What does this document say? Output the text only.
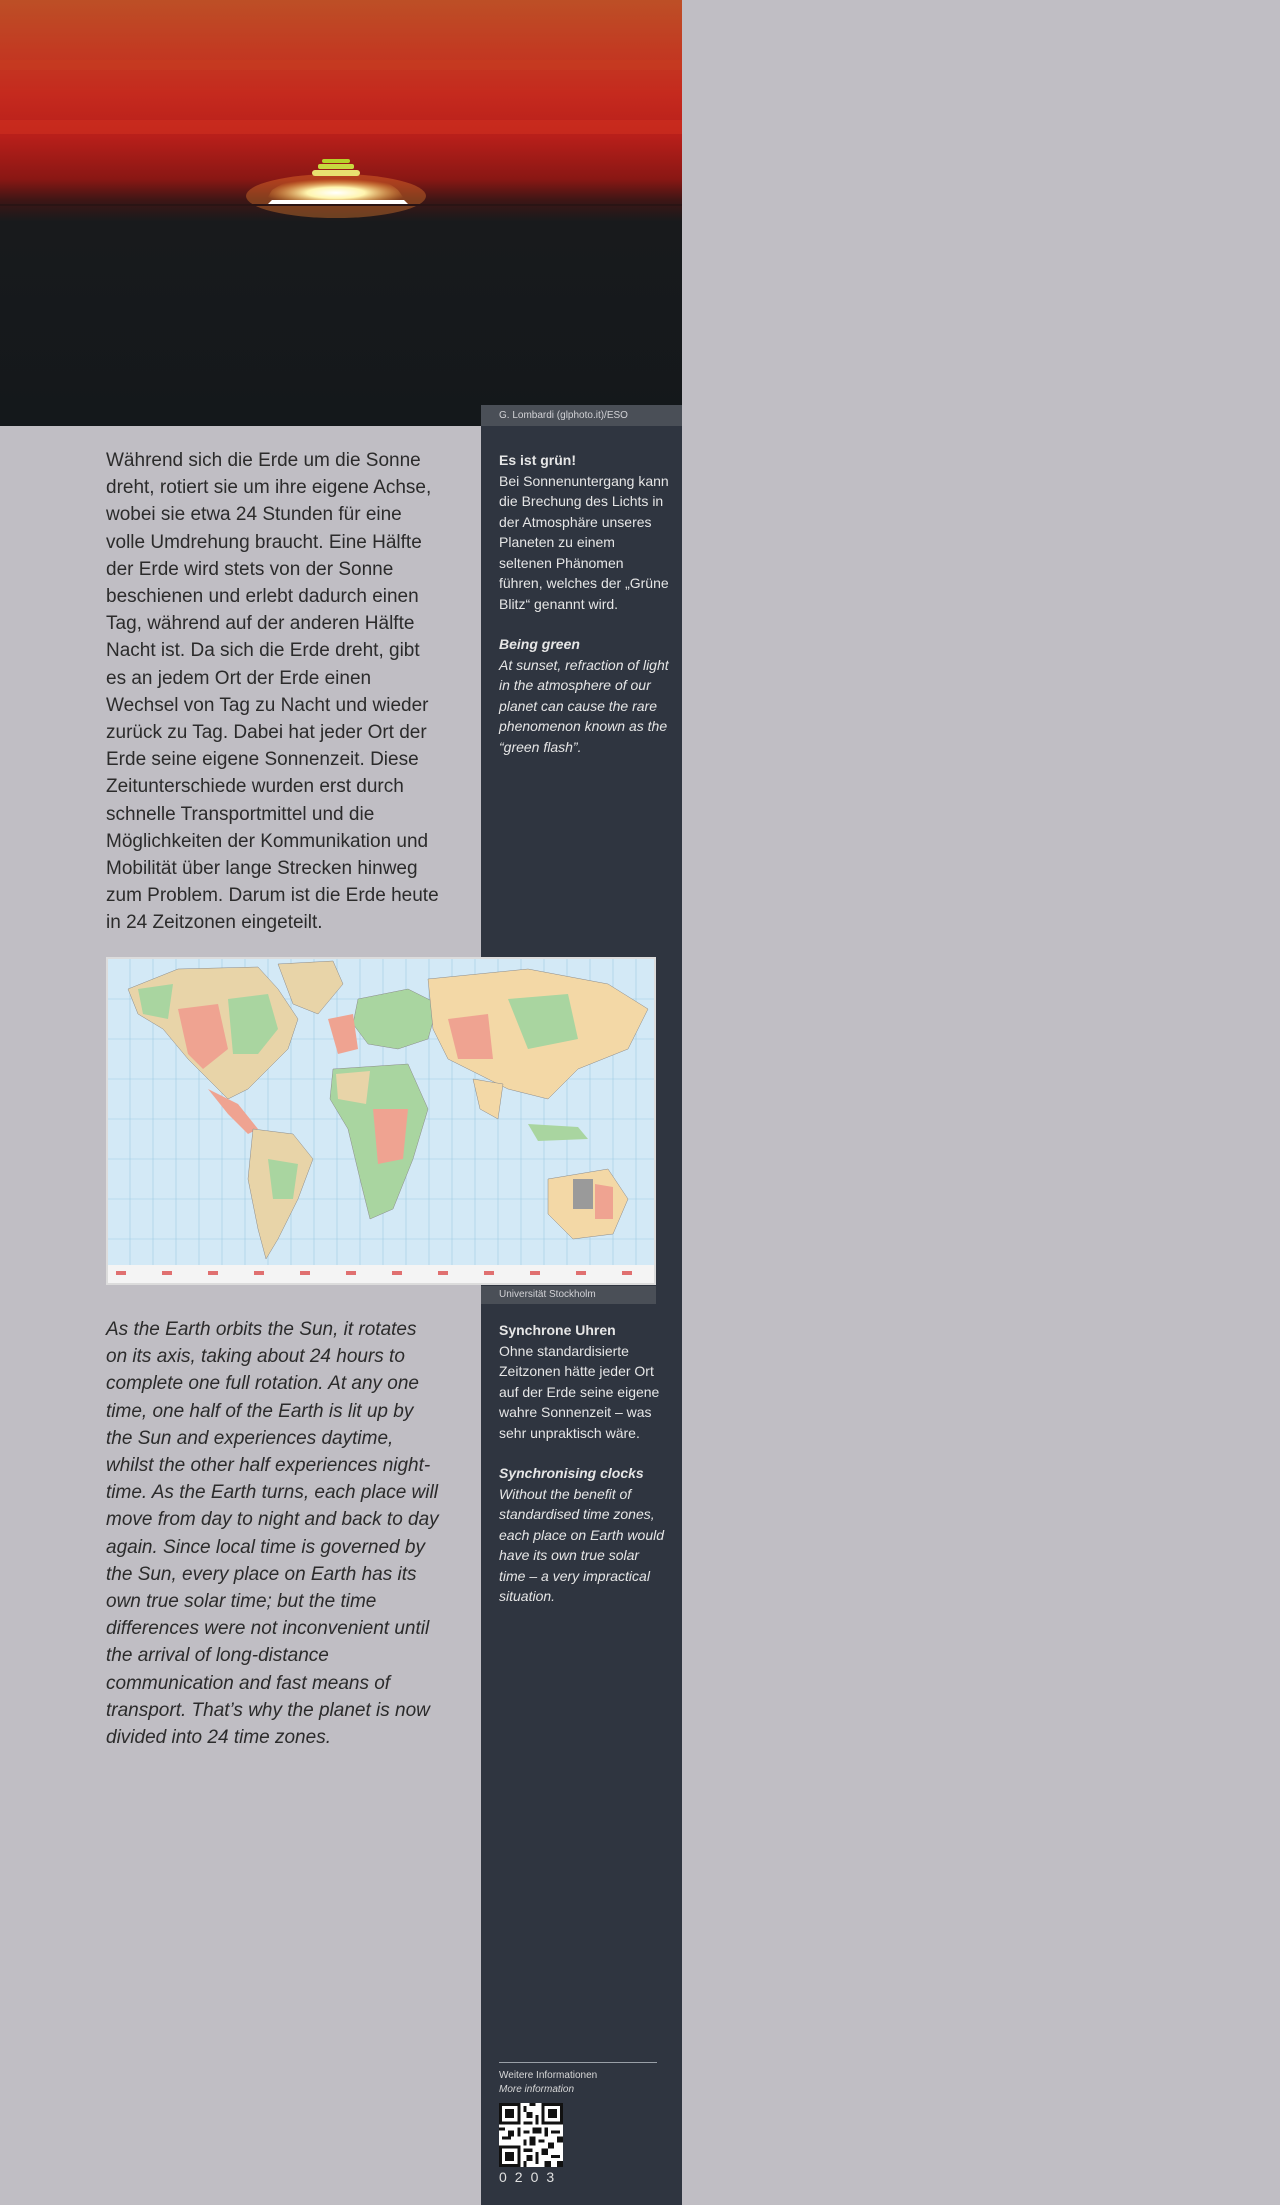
G. Lombardi (glphoto.it)/ESO
Während sich die Erde um die Sonne dreht, rotiert sie um ihre eigene Achse, wobei sie etwa 24 Stunden für eine volle Umdrehung braucht. Eine Hälfte der Erde wird stets von der Sonne beschienen und erlebt dadurch einen Tag, während auf der anderen Hälfte Nacht ist. Da sich die Erde dreht, gibt es an jedem Ort der Erde einen Wechsel von Tag zu Nacht und wieder zurück zu Tag. Dabei hat jeder Ort der Erde seine eigene Sonnenzeit. Diese Zeitunterschiede wurden erst durch schnelle Transportmittel und die Möglichkeiten der Kommunikation und Mobilität über lange Strecken hinweg zum Problem. Darum ist die Erde heute in 24 Zeitzonen eingeteilt.
Es ist grün!
Bei Sonnenuntergang kann die Brechung des Lichts in der Atmosphäre unseres Planeten zu einem seltenen Phänomen führen, welches der „Grüne Blitz“ genannt wird.
Being green
At sunset, refraction of light in the atmosphere of our planet can cause the rare phenomenon known as the “green flash”.
Universität Stockholm
As the Earth orbits the Sun, it rotates on its axis, taking about 24 hours to complete one full rotation. At any one time, one half of the Earth is lit up by the Sun and experiences daytime, whilst the other half experiences night-time. As the Earth turns, each place will move from day to night and back to day again. Since local time is governed by the Sun, every place on Earth has its own true solar time; but the time differences were not inconvenient until the arrival of long-distance communication and fast means of transport. That’s why the planet is now divided into 24 time zones.
Synchrone Uhren
Ohne standardisierte Zeitzonen hätte jeder Ort auf der Erde seine eigene wahre Sonnenzeit – was sehr unpraktisch wäre.
Synchronising clocks
Without the benefit of standardised time zones, each place on Earth would have its own true solar time – a very impractical situation.
Weitere Informationen
More information
0203
